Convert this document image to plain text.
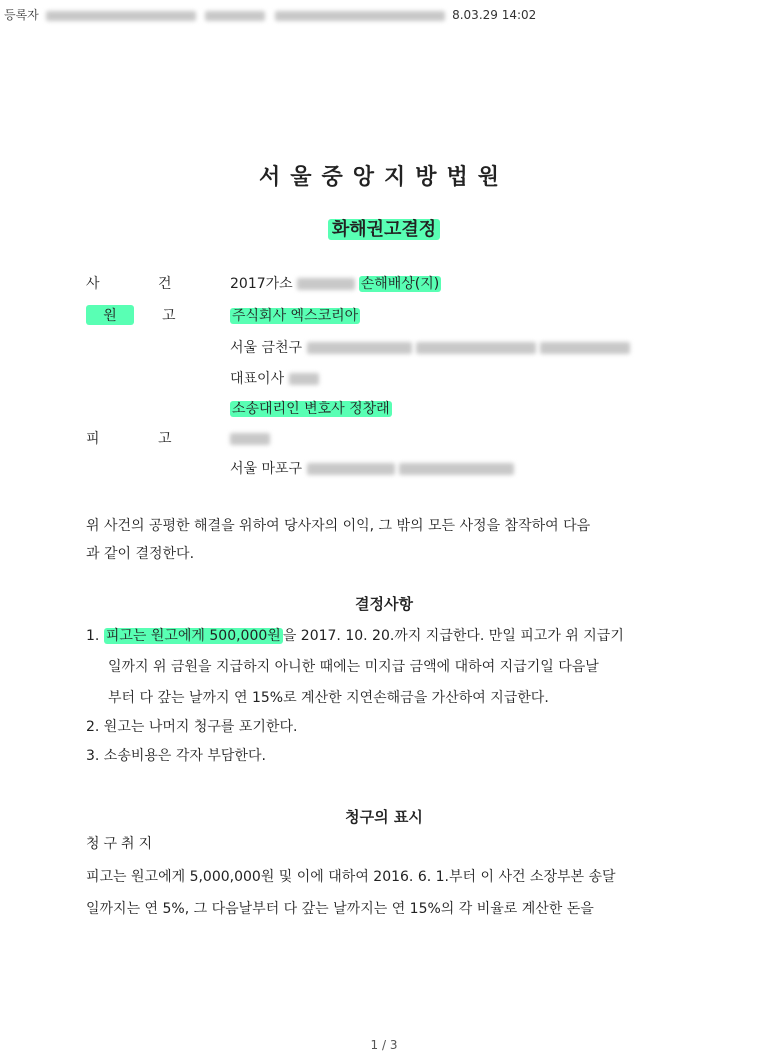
등록자	8.03.29 14:02
서울중앙지방법원
화해권고결정
사	건	2017가소	손해배상(지)
원	고	주식회사 엑스코리아
서울 금천구
대표이사
소송대리인 변호사 정창래
피	고
서울 마포구
위 사건의 공평한 해결을 위하여 당사자의 이익, 그 밖의 모든 사정을 참작하여 다음
과 같이 결정한다.
결정사항
1. 피고는 원고에게 500,000원 을 2017. 10. 20.까지 지급한다. 만일 피고가 위 지급기
일까지 위 금원을 지급하지 아니한 때에는 미지급 금액에 대하여 지급기일 다음날
부터 다 갚는 날까지 연 15%로 계산한 지연손해금을 가산하여 지급한다.
2. 원고는 나머지 청구를 포기한다.
3. 소송비용은 각자 부담한다.
청구의 표시
청구취지
피고는 원고에게 5,000,000원 및 이에 대하여 2016. 6. 1.부터 이 사건 소장부본 송달
일까지는 연 5%, 그 다음날부터 다 갚는 날까지는 연 15%의 각 비율로 계산한 돈을
1 / 3
